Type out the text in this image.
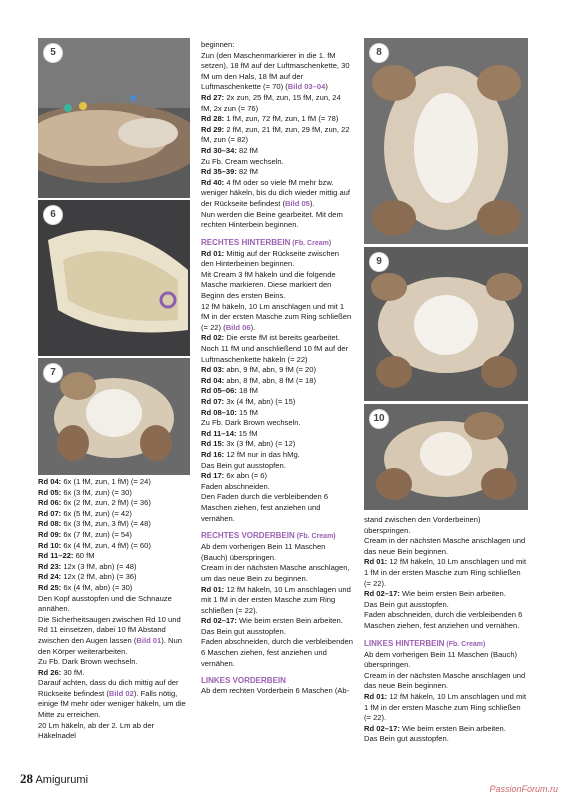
5
6
7
8
9
10

Rd 04: 6x (1 fM, zun, 1 fM) (= 24)

Rd 05: 6x (3 fM, zun) (= 30)

Rd 06: 6x (2 fM, zun, 2 fM) (= 36)

Rd 07: 6x (5 fM, zun) (= 42)

Rd 08: 6x (3 fM, zun, 3 fM) (= 48)

Rd 09: 6x (7 fM, zun) (= 54)

Rd 10: 6x (4 fM, zun, 4 fM) (= 60)

Rd 11–22: 60 fM

Rd 23: 12x (3 fM, abn) (= 48)

Rd 24: 12x (2 fM, abn) (= 36)

Rd 25: 6x (4 fM, abn) (= 30)

Den Kopf ausstopfen und die Schnauze annähen.

Die Sicherheitsaugen zwischen Rd 10 und Rd 11 einsetzen, dabei 10 fM Abstand zwischen den Augen lassen (Bild 01). Nun den Körper weiterarbeiten.

Zu Fb. Dark Brown wechseln.

Rd 26: 30 fM.

Darauf achten, dass du dich mittig auf der Rückseite befindest (Bild 02). Falls nötig, einige fM mehr oder weniger häkeln, um die Mitte zu erreichen.

20 Lm häkeln, ab der 2. Lm ab der Häkelnadel

beginnen:

Zun (den Maschenmarkierer in die 1. fM setzen), 18 fM auf der Luftmaschenkette, 30 fM um den Hals, 18 fM auf der Luftmaschenkette (= 70) (Bild 03–04)

Rd 27: 2x zun, 25 fM, zun, 15 fM, zun, 24 fM, 2x zun (= 76)

Rd 28: 1 fM, zun, 72 fM, zun, 1 fM (= 78)

Rd 29: 2 fM, zun, 21 fM, zun, 29 fM, zun, 22 fM, zun (= 82)

Rd 30–34: 82 fM

Zu Fb. Cream wechseln.

Rd 35–39: 82 fM

Rd 40: 4 fM oder so viele fM mehr bzw. weniger häkeln, bis du dich wieder mittig auf der Rückseite befindest (Bild 05).

Nun werden die Beine gearbeitet. Mit dem rechten Hinterbein beginnen.

RECHTES HINTERBEIN (Fb. Cream)

Rd 01: Mittig auf der Rückseite zwischen den Hinterbeinen beginnen.

Mit Cream 3 fM häkeln und die folgende Masche markieren. Diese markiert den Beginn des ersten Beins.

12 fM häkeln, 10 Lm anschlagen und mit 1 fM in der ersten Masche zum Ring schließen (= 22) (Bild 06).

Rd 02: Die erste fM ist bereits gearbeitet.

Noch 11 fM und anschließend 10 fM auf der Luftmaschenkette häkeln (= 22)

Rd 03: abn, 9 fM, abn, 9 fM (= 20)

Rd 04: abn, 8 fM, abn, 8 fM (= 18)

Rd 05–06: 18 fM

Rd 07: 3x (4 fM, abn) (= 15)

Rd 08–10: 15 fM

Zu Fb. Dark Brown wechseln.

Rd 11–14: 15 fM

Rd 15: 3x (3 fM, abn) (= 12)

Rd 16: 12 fM nur in das hMg.

Das Bein gut ausstopfen.

Rd 17: 6x abn (= 6)

Faden abschneiden.

Den Faden durch die verbleibenden 6 Maschen ziehen, fest anziehen und vernähen.

RECHTES VORDERBEIN (Fb. Cream)

Ab dem vorherigen Bein 11 Maschen (Bauch) überspringen.

Cream in der nächsten Masche anschlagen, um das neue Bein zu beginnen.

Rd 01: 12 fM häkeln, 10 Lm anschlagen und mit 1 fM in der ersten Masche zum Ring schließen (= 22).

Rd 02–17: Wie beim ersten Bein arbeiten.

Das Bein gut ausstopfen.

Faden abschneiden, durch die verbleibenden 6 Maschen ziehen, fest anziehen und vernähen.

LINKES VORDERBEIN

Ab dem rechten Vorderbein 6 Maschen (Ab-

stand zwischen den Vorderbeinen) überspringen.

Cream in der nächsten Masche anschlagen und das neue Bein beginnen.

Rd 01: 12 fM häkeln, 10 Lm anschlagen und mit 1 fM in der ersten Masche zum Ring schließen (= 22).

Rd 02–17: Wie beim ersten Bein arbeiten.

Das Bein gut ausstopfen.

Faden abschneiden, durch die verbleibenden 6 Maschen ziehen, fest anziehen und vernähen.

LINKES HINTERBEIN (Fb. Cream)

Ab dem vorherigen Bein 11 Maschen (Bauch) überspringen.

Cream in der nächsten Masche anschlagen und das neue Bein beginnen.

Rd 01: 12 fM häkeln, 10 Lm anschlagen und mit 1 fM in der ersten Masche zum Ring schließen (= 22).

Rd 02–17: Wie beim ersten Bein arbeiten.

Das Bein gut ausstopfen.

28 Amigurumi
PassionForum.ru
